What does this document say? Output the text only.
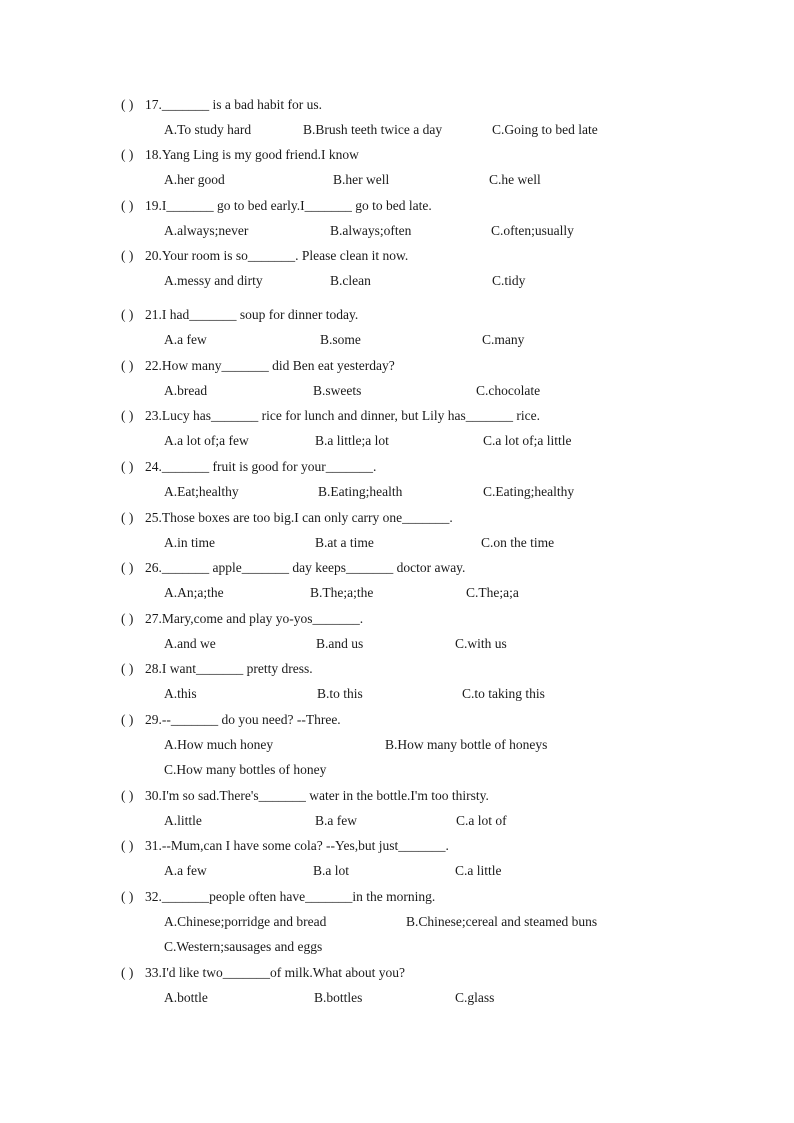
( ) 17._______ is a bad habit for us.
A.To study hard	B.Brush teeth twice a day	C.Going to bed late
( ) 18.Yang Ling is my good friend.I know
A.her good	B.her well	C.he well
( ) 19.I_______ go to bed early.I_______ go to bed late.
A.always;never	B.always;often	C.often;usually
( ) 20.Your room is so_______. Please clean it now.
A.messy and dirty	B.clean	C.tidy
( ) 21.I had_______ soup for dinner today.
A.a few	B.some	C.many
( ) 22.How many_______ did Ben eat yesterday?
A.bread	B.sweets	C.chocolate
( ) 23.Lucy has_______ rice for lunch and dinner, but Lily has_______ rice.
A.a lot of;a few	B.a little;a lot	C.a lot of;a little
( ) 24._______ fruit is good for your_______.
A.Eat;healthy	B.Eating;health	C.Eating;healthy
( ) 25.Those boxes are too big.I can only carry one_______.
A.in time	B.at a time	C.on the time
( ) 26._______ apple_______ day keeps_______ doctor away.
A.An;a;the	B.The;a;the	C.The;a;a
( ) 27.Mary,come and play yo-yos_______.
A.and we	B.and us	C.with us
( ) 28.I want_______ pretty dress.
A.this	B.to this	C.to taking this
( ) 29.--_______ do you need? --Three.
A.How much honey	B.How many bottle of honeys
C.How many bottles of honey
( ) 30.I'm so sad.There's_______ water in the bottle.I'm too thirsty.
A.little	B.a few	C.a lot of
( ) 31.--Mum,can I have some cola? --Yes,but just_______.
A.a few	B.a lot	C.a little
( ) 32._______people often have_______in the morning.
A.Chinese;porridge and bread	B.Chinese;cereal and steamed buns
C.Western;sausages and eggs
( ) 33.I'd like two_______of milk.What about you?
A.bottle	B.bottles	C.glass
